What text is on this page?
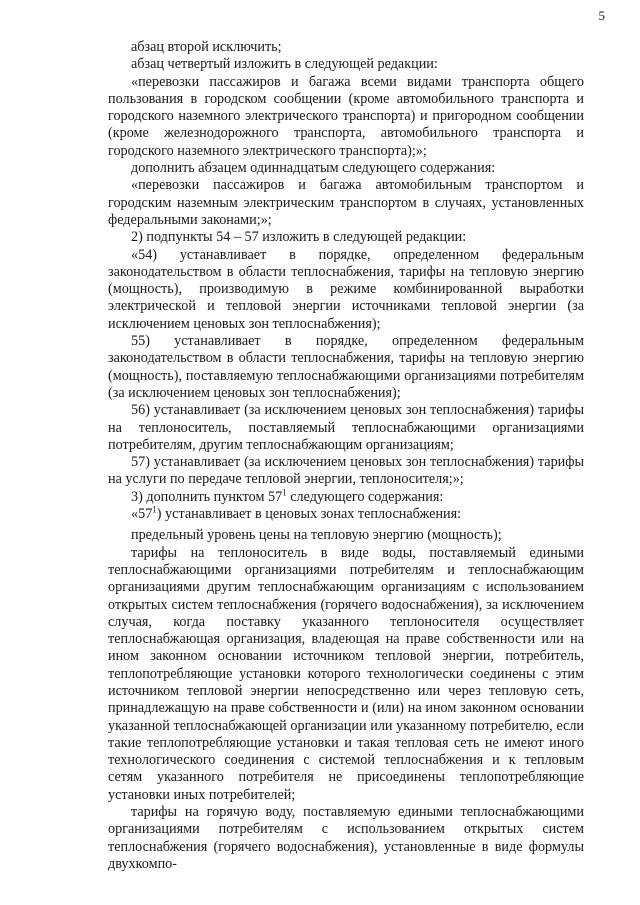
5

абзац второй исключить;

абзац четвертый изложить в следующей редакции:

«перевозки пассажиров и багажа всеми видами транспорта общего пользования в городском сообщении (кроме автомобильного транспорта и городского наземного электрического транспорта) и пригородном сообщении (кроме железнодорожного транспорта, автомобильного транспорта и городского наземного электрического транспорта);»;

дополнить абзацем одиннадцатым следующего содержания:

«перевозки пассажиров и багажа автомобильным транспортом и городским наземным электрическим транспортом в случаях, установленных федеральными законами;»;

2) подпункты 54 – 57 изложить в следующей редакции:

«54) устанавливает в порядке, определенном федеральным законодательством в области теплоснабжения, тарифы на тепловую энергию (мощность), производимую в режиме комбинированной выработки электрической и тепловой энергии источниками тепловой энергии (за исключением ценовых зон теплоснабжения);

55) устанавливает в порядке, определенном федеральным законодательством в области теплоснабжения, тарифы на тепловую энергию (мощность), поставляемую теплоснабжающими организациями потребителям (за исключением ценовых зон теплоснабжения);

56) устанавливает (за исключением ценовых зон теплоснабжения) тарифы на теплоноситель, поставляемый теплоснабжающими организациями потребителям, другим теплоснабжающим организациям;

57) устанавливает (за исключением ценовых зон теплоснабжения) тарифы на услуги по передаче тепловой энергии, теплоносителя;»;

3) дополнить пунктом $57^1$ следующего содержания:

«$57^1$) устанавливает в ценовых зонах теплоснабжения:

предельный уровень цены на тепловую энергию (мощность);

тарифы на теплоноситель в виде воды, поставляемый едиными теплоснабжающими организациями потребителям и теплоснабжающим организациями другим теплоснабжающим организациям с использованием открытых систем теплоснабжения (горячего водоснабжения), за исключением случая, когда поставку указанного теплоносителя осуществляет теплоснабжающая организация, владеющая на праве собственности или на ином законном основании источником тепловой энергии, потребитель, теплопотребляющие установки которого технологически соединены с этим источником тепловой энергии непосредственно или через тепловую сеть, принадлежащую на праве собственности и (или) на ином законном основании указанной теплоснабжающей организации или указанному потребителю, если такие теплопотребляющие установки и такая тепловая сеть не имеют иного технологического соединения с системой теплоснабжения и к тепловым сетям указанного потребителя не присоединены теплопотребляющие установки иных потребителей;

тарифы на горячую воду, поставляемую едиными теплоснабжающими организациями потребителям с использованием открытых систем теплоснабжения (горячего водоснабжения), установленные в виде формулы двухкомпо-
